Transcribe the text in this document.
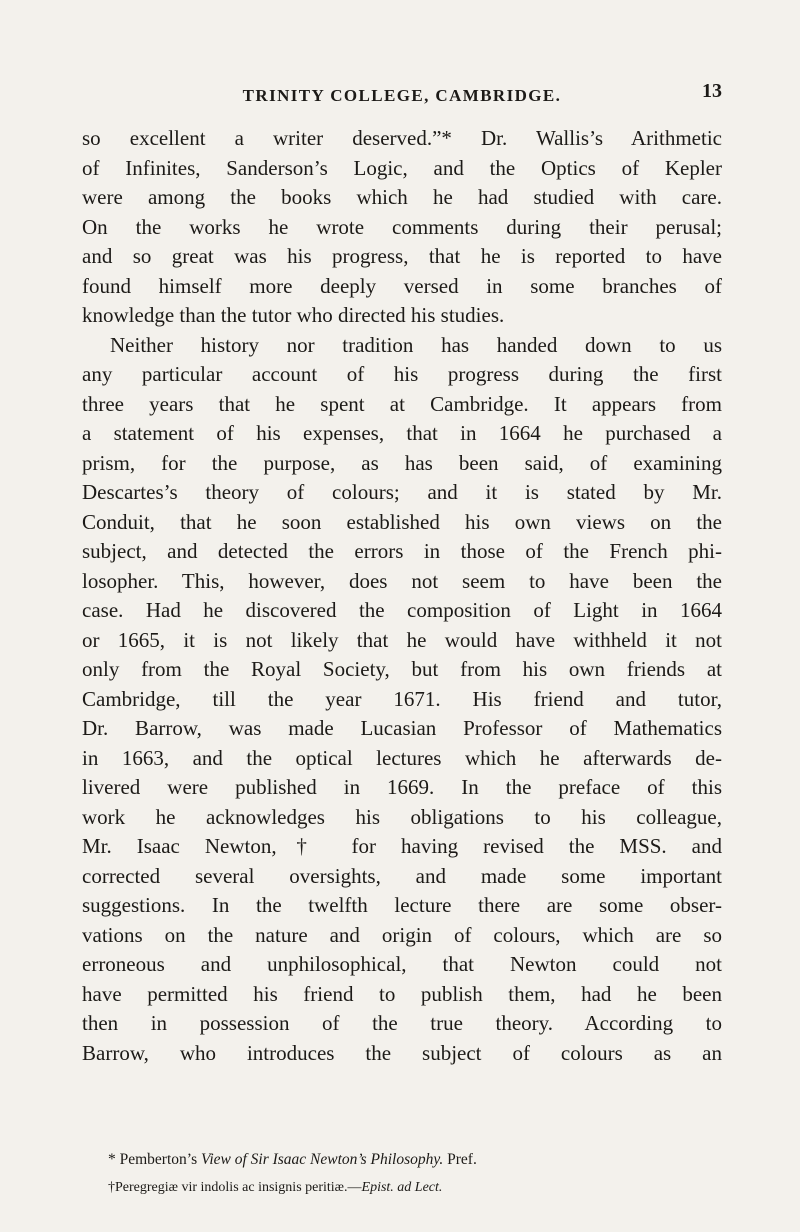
TRINITY COLLEGE, CAMBRIDGE.	13
so excellent a writer deserved.”* Dr. Wallis’s Arithmetic
of Infinites, Sanderson’s Logic, and the Optics of Kepler
were among the books which he had studied with care.
On the works he wrote comments during their perusal;
and so great was his progress, that he is reported to have
found himself more deeply versed in some branches of
knowledge than the tutor who directed his studies.
Neither history nor tradition has handed down to us
any particular account of his progress during the first
three years that he spent at Cambridge. It appears from
a statement of his expenses, that in 1664 he purchased a
prism, for the purpose, as has been said, of examining
Descartes’s theory of colours; and it is stated by Mr.
Conduit, that he soon established his own views on the
subject, and detected the errors in those of the French phi-
losopher. This, however, does not seem to have been the
case. Had he discovered the composition of Light in 1664
or 1665, it is not likely that he would have withheld it not
only from the Royal Society, but from his own friends at
Cambridge, till the year 1671. His friend and tutor,
Dr. Barrow, was made Lucasian Professor of Mathematics
in 1663, and the optical lectures which he afterwards de-
livered were published in 1669. In the preface of this
work he acknowledges his obligations to his colleague,
Mr. Isaac Newton,† for having revised the MSS. and
corrected several oversights, and made some important
suggestions. In the twelfth lecture there are some obser-
vations on the nature and origin of colours, which are so
erroneous and unphilosophical, that Newton could not
have permitted his friend to publish them, had he been
then in possession of the true theory. According to
Barrow, who introduces the subject of colours as an
* Pemberton’s View of Sir Isaac Newton’s Philosophy. Pref.
†Peregregiæ vir indolis ac insignis peritiæ.—Epist. ad Lect.
